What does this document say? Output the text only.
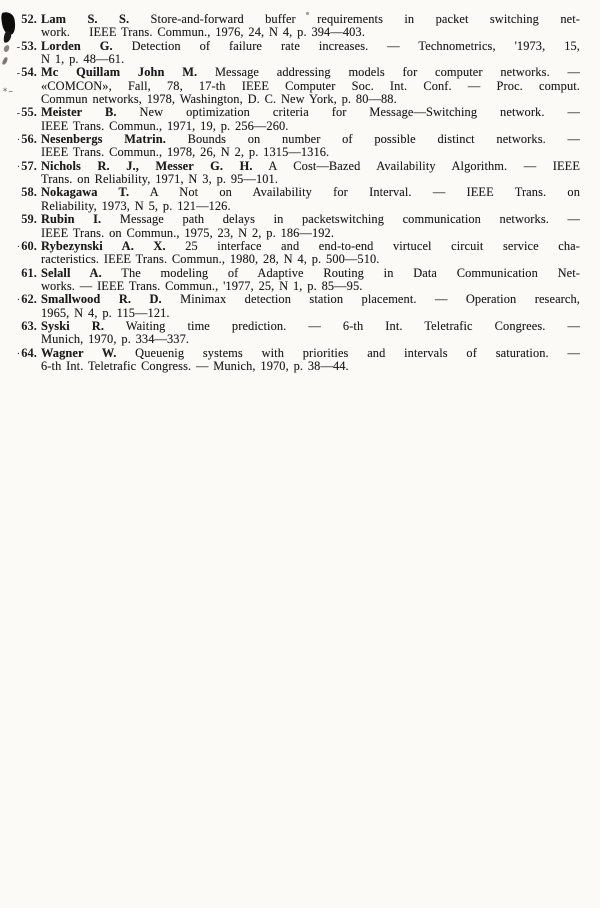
*–
52. Lam S. S. Store-and-forward buffer requirements in packet switching net-
work.    IEEE Trans. Commun., 1976, 24, N 4, p. 394—403.
-53. Lorden G. Detection of failure rate increases. — Technometrics, '1973, 15,
N 1, p. 48—61.
-54. Mc Quillam John M. Message addressing models for computer networks. —
«COMCON», Fall, 78, 17-th IEEE Computer Soc. Int. Conf. — Proc. comput.
Commun networks, 1978, Washington, D. C. New York, p. 80—88.
-55. Meister B. New optimization criteria for Message—Switching network. —
IEEE Trans. Commun., 1971, 19, p. 256—260.
·56. Nesenbergs Matrin. Bounds on number of possible distinct networks. —
IEEE Trans. Commun., 1978, 26, N 2, p. 1315—1316.
·57. Nichols R. J., Messer G. H. A Cost—Bazed Availability Algorithm. — IEEE
Trans. on Reliability, 1971, N 3, p. 95—101.
58. Nokagawa T. A Not on Availability for Interval. — IEEE Trans. on
Reliability, 1973, N 5, p. 121—126.
59. Rubin I. Message path delays in packetswitching communication networks. —
IEEE Trans. on Commun., 1975, 23, N 2, p. 186—192.
·60. Rybezynski A. X. 25 interface and end-to-end virtucel circuit service cha-
racteristics. IEEE Trans. Commun., 1980, 28, N 4, p. 500—510.
61. Selall A. The modeling of Adaptive Routing in Data Communication Net-
works. — IEEE Trans. Commun., '1977, 25, N 1, p. 85—95.
·62. Smallwood R. D. Minimax detection station placement. — Operation research,
1965, N 4, p. 115—121.
63. Syski R. Waiting time prediction. — 6-th Int. Teletrafic Congrees. —
Munich, 1970, p. 334—337.
·64. Wagner W. Queuenig systems with priorities and intervals of saturation. —
6-th Int. Teletrafic Congress. — Munich, 1970, p. 38—44.
